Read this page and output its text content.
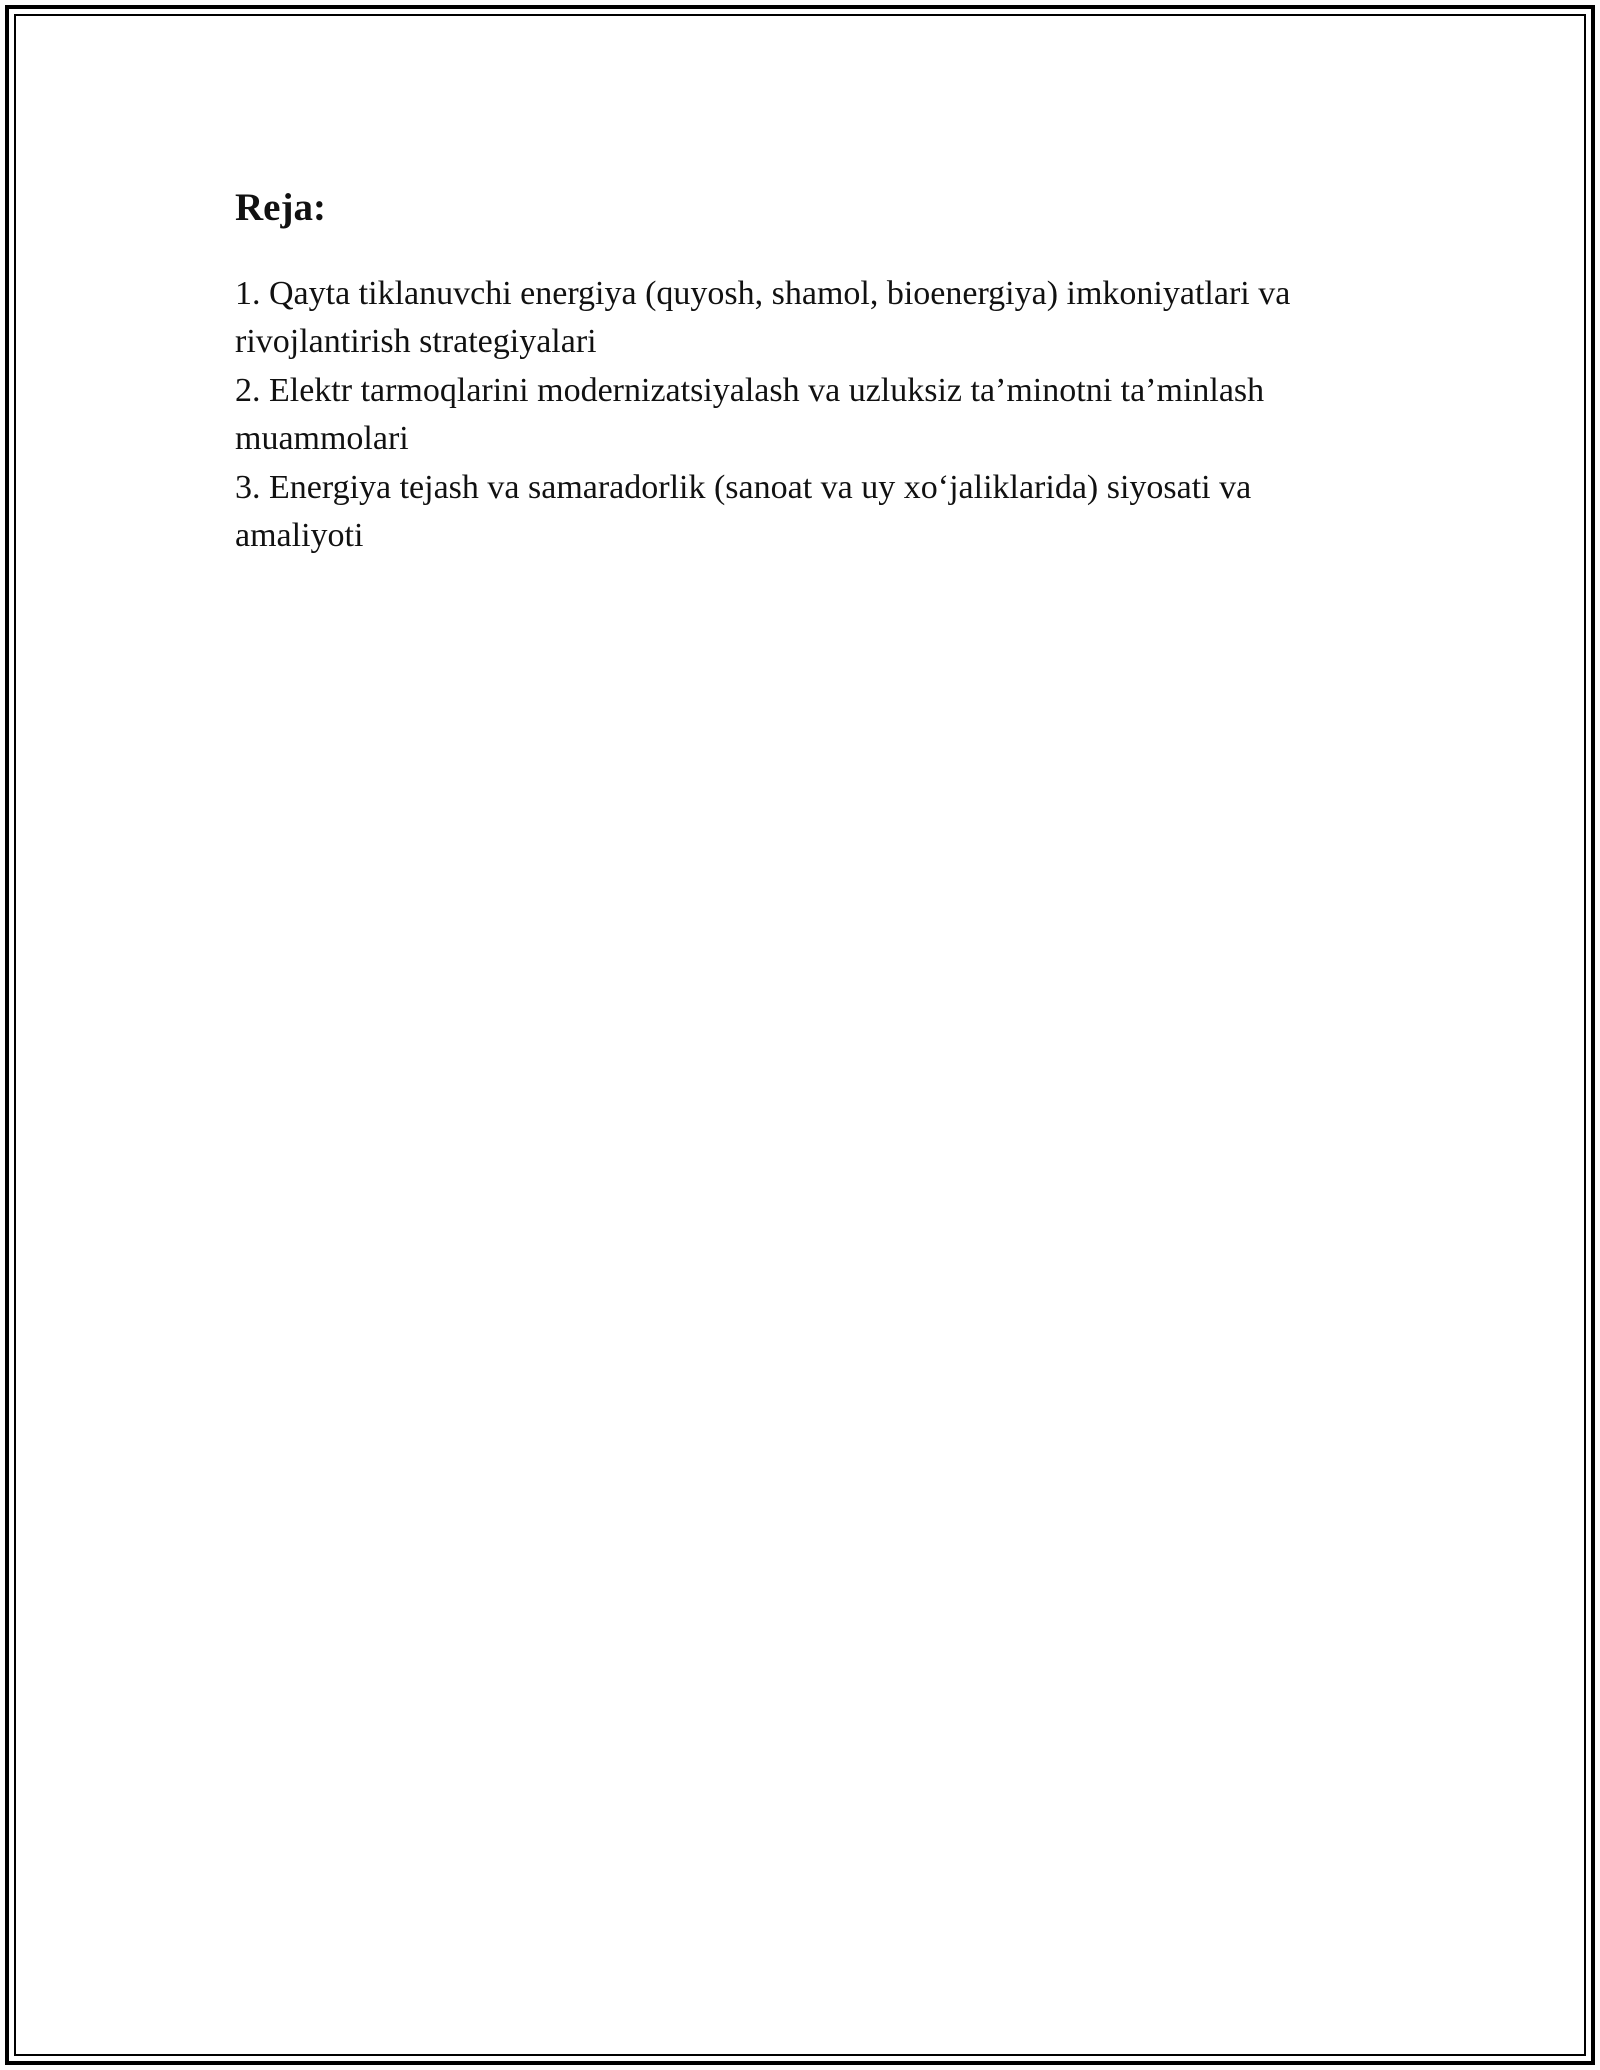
Reja:
1. Qayta tiklanuvchi energiya (quyosh, shamol, bioenergiya) imkoniyatlari va rivojlantirish strategiyalari
2. Elektr tarmoqlarini modernizatsiyalash va uzluksiz ta’minotni ta’minlash muammolari
3. Energiya tejash va samaradorlik (sanoat va uy xo‘jaliklarida) siyosati va amaliyoti
